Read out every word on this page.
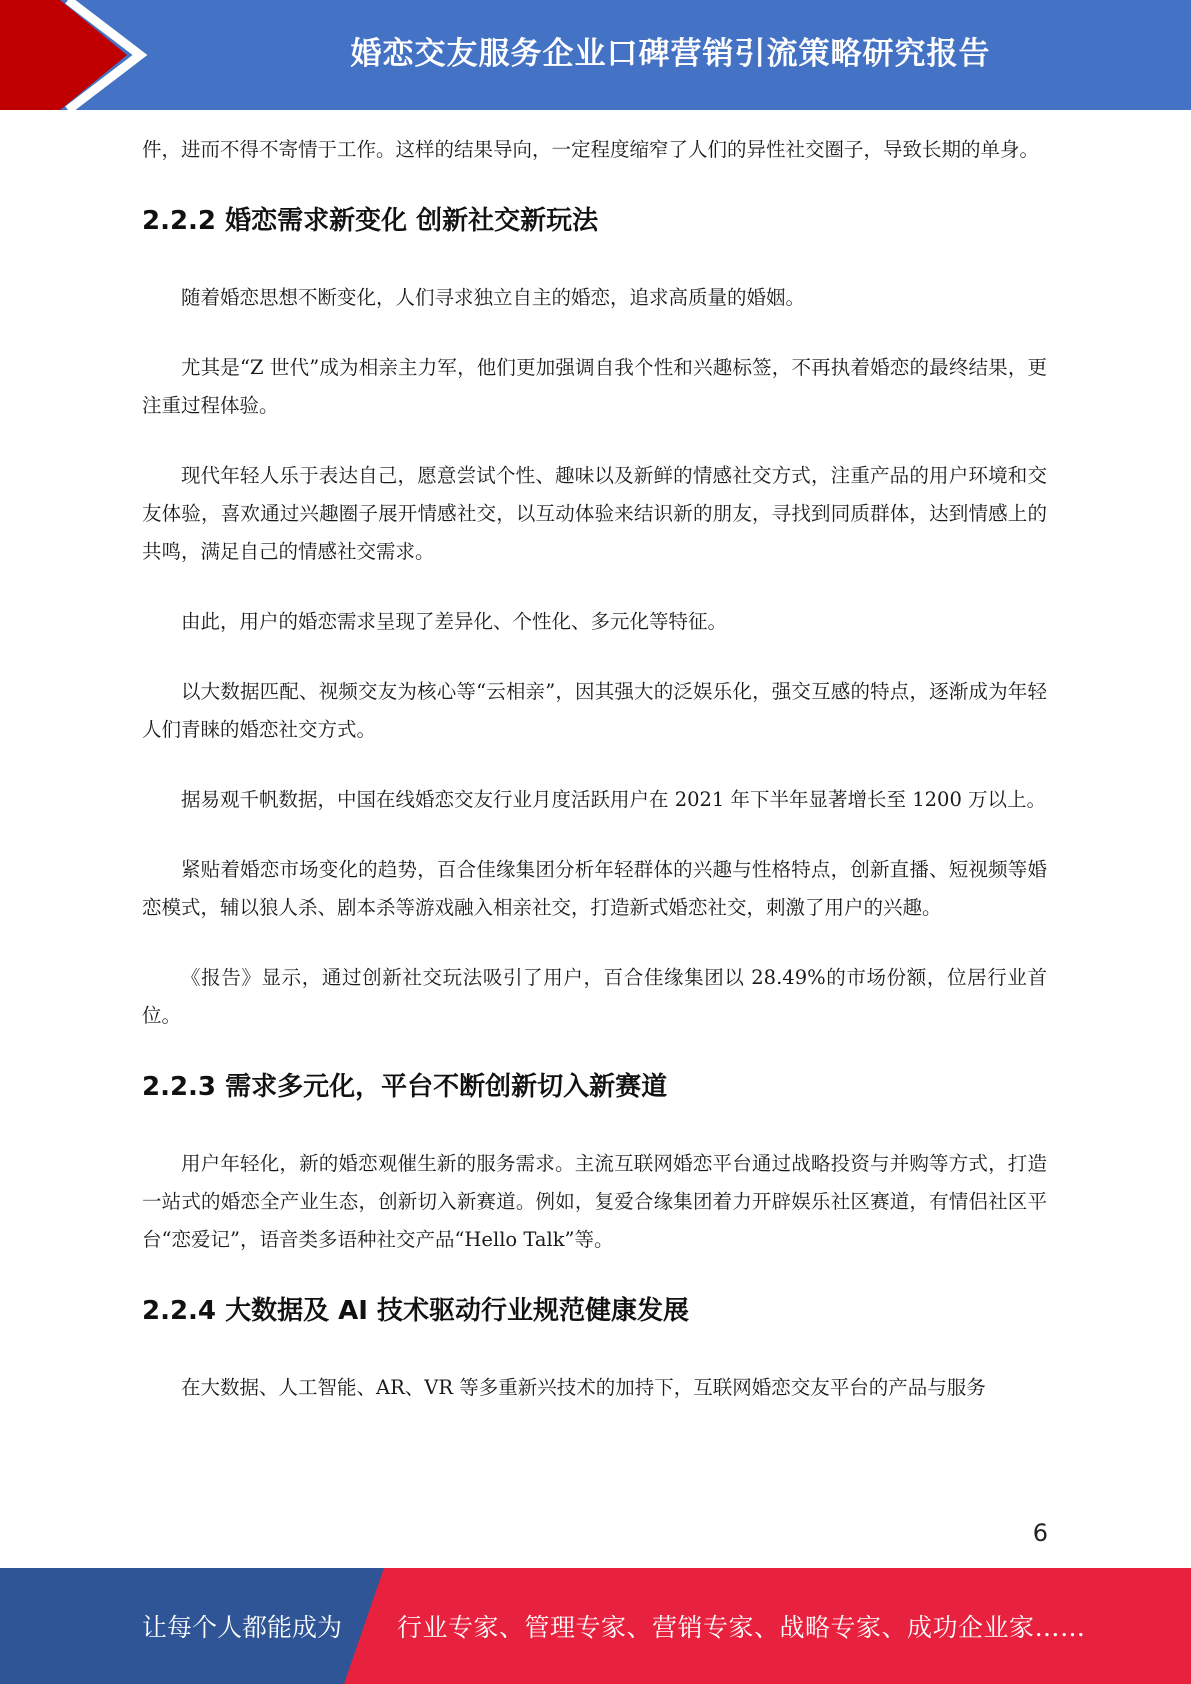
婚恋交友服务企业口碑营销引流策略研究报告

件，进而不得不寄情于工作。这样的结果导向，一定程度缩窄了人们的异性社交圈子，导致长期的单身。

2.2.2 婚恋需求新变化 创新社交新玩法

随着婚恋思想不断变化，人们寻求独立自主的婚恋，追求高质量的婚姻。

尤其是“Z 世代”成为相亲主力军，他们更加强调自我个性和兴趣标签，不再执着婚恋的最终结果，更注重过程体验。

现代年轻人乐于表达自己，愿意尝试个性、趣味以及新鲜的情感社交方式，注重产品的用户环境和交友体验，喜欢通过兴趣圈子展开情感社交，以互动体验来结识新的朋友，寻找到同质群体，达到情感上的共鸣，满足自己的情感社交需求。

由此，用户的婚恋需求呈现了差异化、个性化、多元化等特征。

以大数据匹配、视频交友为核心等“云相亲”，因其强大的泛娱乐化，强交互感的特点，逐渐成为年轻人们青睐的婚恋社交方式。

据易观千帆数据，中国在线婚恋交友行业月度活跃用户在 2021 年下半年显著增长至 1200 万以上。

紧贴着婚恋市场变化的趋势，百合佳缘集团分析年轻群体的兴趣与性格特点，创新直播、短视频等婚恋模式，辅以狼人杀、剧本杀等游戏融入相亲社交，打造新式婚恋社交，刺激了用户的兴趣。

《报告》显示，通过创新社交玩法吸引了用户，百合佳缘集团以 28.49%的市场份额，位居行业首位。

2.2.3 需求多元化，平台不断创新切入新赛道

用户年轻化，新的婚恋观催生新的服务需求。主流互联网婚恋平台通过战略投资与并购等方式，打造一站式的婚恋全产业生态，创新切入新赛道。例如，复爱合缘集团着力开辟娱乐社区赛道，有情侣社区平台“恋爱记”，语音类多语种社交产品“Hello Talk”等。

2.2.4 大数据及 AI 技术驱动行业规范健康发展

在大数据、人工智能、AR、VR 等多重新兴技术的加持下，互联网婚恋交友平台的产品与服务

6
让每个人都能成为 行业专家、管理专家、营销专家、战略专家、成功企业家……
